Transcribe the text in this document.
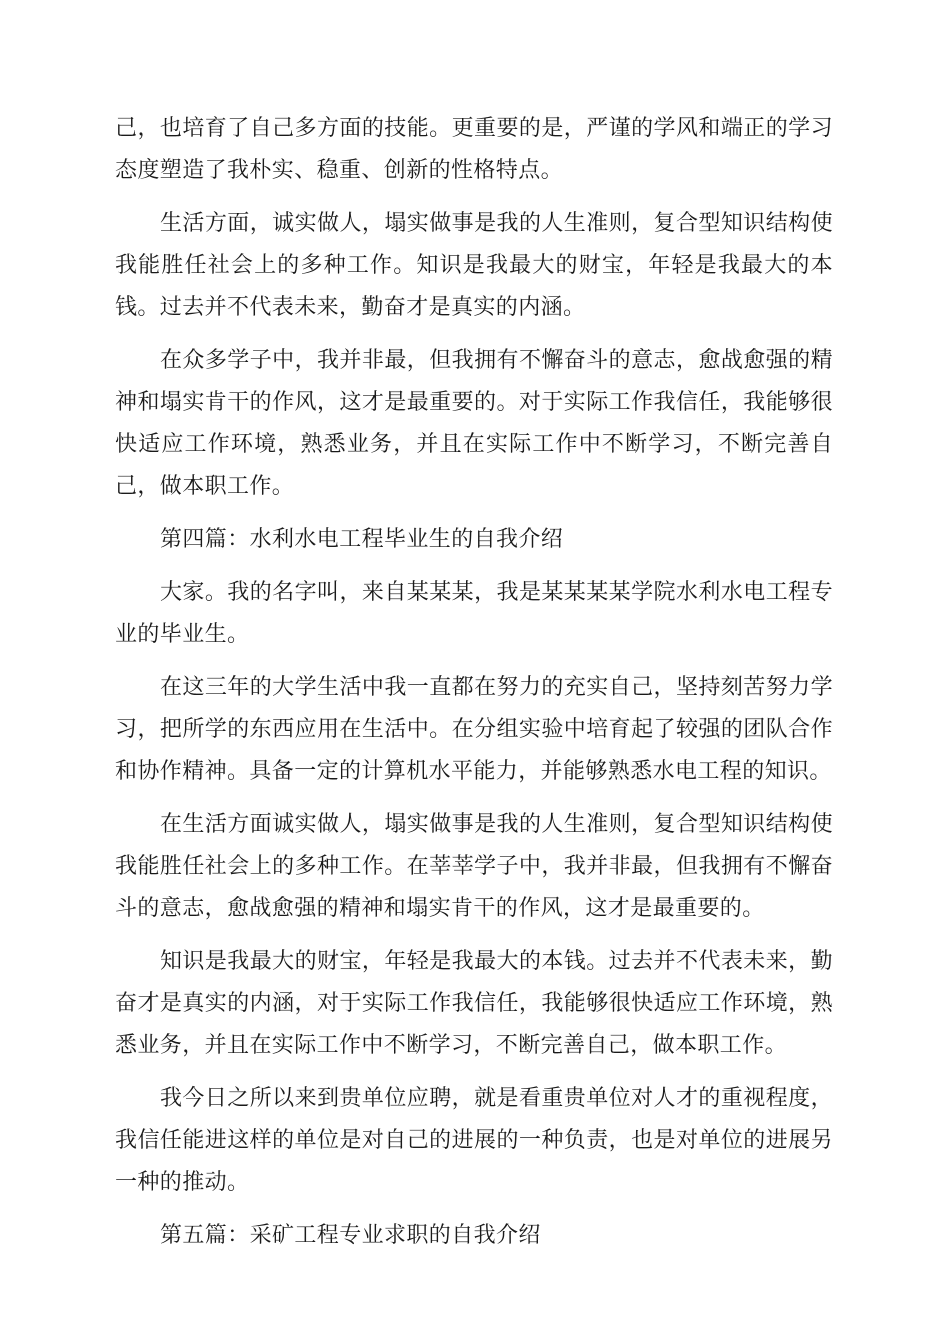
己，也培育了自己多方面的技能。更重要的是，严谨的学风和端正的学习态度塑造了我朴实、稳重、创新的性格特点。

生活方面，诚实做人，塌实做事是我的人生准则，复合型知识结构使我能胜任社会上的多种工作。知识是我最大的财宝，年轻是我最大的本钱。过去并不代表未来，勤奋才是真实的内涵。

在众多学子中，我并非最，但我拥有不懈奋斗的意志，愈战愈强的精神和塌实肯干的作风，这才是最重要的。对于实际工作我信任，我能够很快适应工作环境，熟悉业务，并且在实际工作中不断学习，不断完善自己，做本职工作。

第四篇：水利水电工程毕业生的自我介绍

大家。我的名字叫，来自某某某，我是某某某某学院水利水电工程专业的毕业生。

在这三年的大学生活中我一直都在努力的充实自己，坚持刻苦努力学习，把所学的东西应用在生活中。在分组实验中培育起了较强的团队合作和协作精神。具备一定的计算机水平能力，并能够熟悉水电工程的知识。

在生活方面诚实做人，塌实做事是我的人生准则，复合型知识结构使我能胜任社会上的多种工作。在莘莘学子中，我并非最，但我拥有不懈奋斗的意志，愈战愈强的精神和塌实肯干的作风，这才是最重要的。

知识是我最大的财宝，年轻是我最大的本钱。过去并不代表未来，勤奋才是真实的内涵，对于实际工作我信任，我能够很快适应工作环境，熟悉业务，并且在实际工作中不断学习，不断完善自己，做本职工作。

我今日之所以来到贵单位应聘，就是看重贵单位对人才的重视程度，我信任能进这样的单位是对自己的进展的一种负责，也是对单位的进展另一种的推动。

第五篇：采矿工程专业求职的自我介绍
